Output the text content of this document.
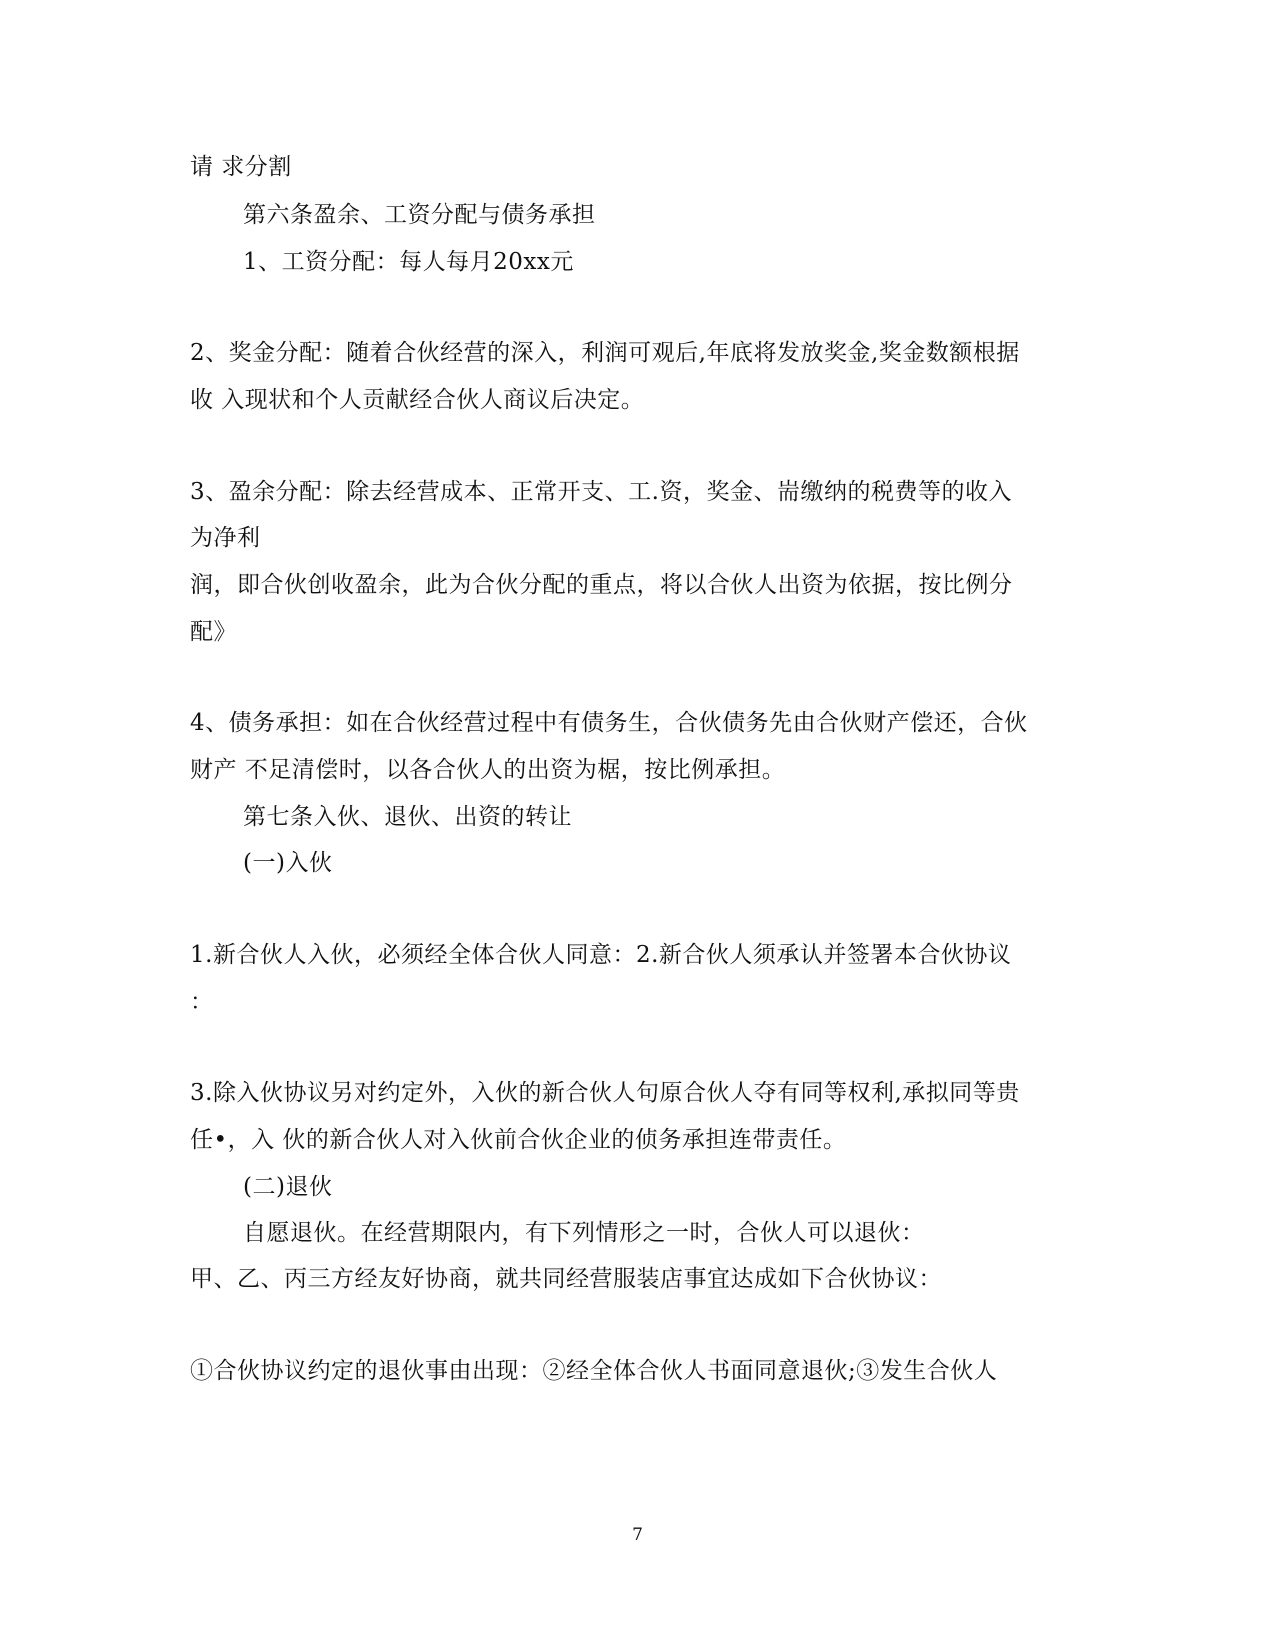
请 求分割
第六条盈余、工资分配与债务承担
1、工资分配：每人每月20xx元
2、奖金分配：随着合伙经营的深入，利润可观后,年底将发放奖金,奖金数额根据
收 入现状和个人贡献经合伙人商议后决定。
3、盈余分配：除去经营成本、正常开支、工.资，奖金、耑缴纳的税费等的收入
为净利
润，即合伙创收盈余，此为合伙分配的重点，将以合伙人出资为依据，按比例分
配》
4、债务承担：如在合伙经营过程中有债务生，合伙债务先由合伙财产偿还，合伙
财产 不足清偿时，以各合伙人的出资为椐，按比例承担。
第七条入伙、退伙、出资的转让
(一)入伙
1.新合伙人入伙，必须经全体合伙人同意：2.新合伙人须承认并签署本合伙协议
：
3.除入伙协议另对约定外，入伙的新合伙人句原合伙人夺有同等权利,承拟同等贵
任•，入 伙的新合伙人对入伙前合伙企业的侦务承担连带责任。
(二)退伙
自愿退伙。在经营期限内，有下列情形之一时，合伙人可以退伙：
甲、乙、丙三方经友好协商，就共同经营服装店事宜达成如下合伙协议：
①合伙协议约定的退伙事由出现：②经全体合伙人书面同意退伙;③发生合伙人
7
